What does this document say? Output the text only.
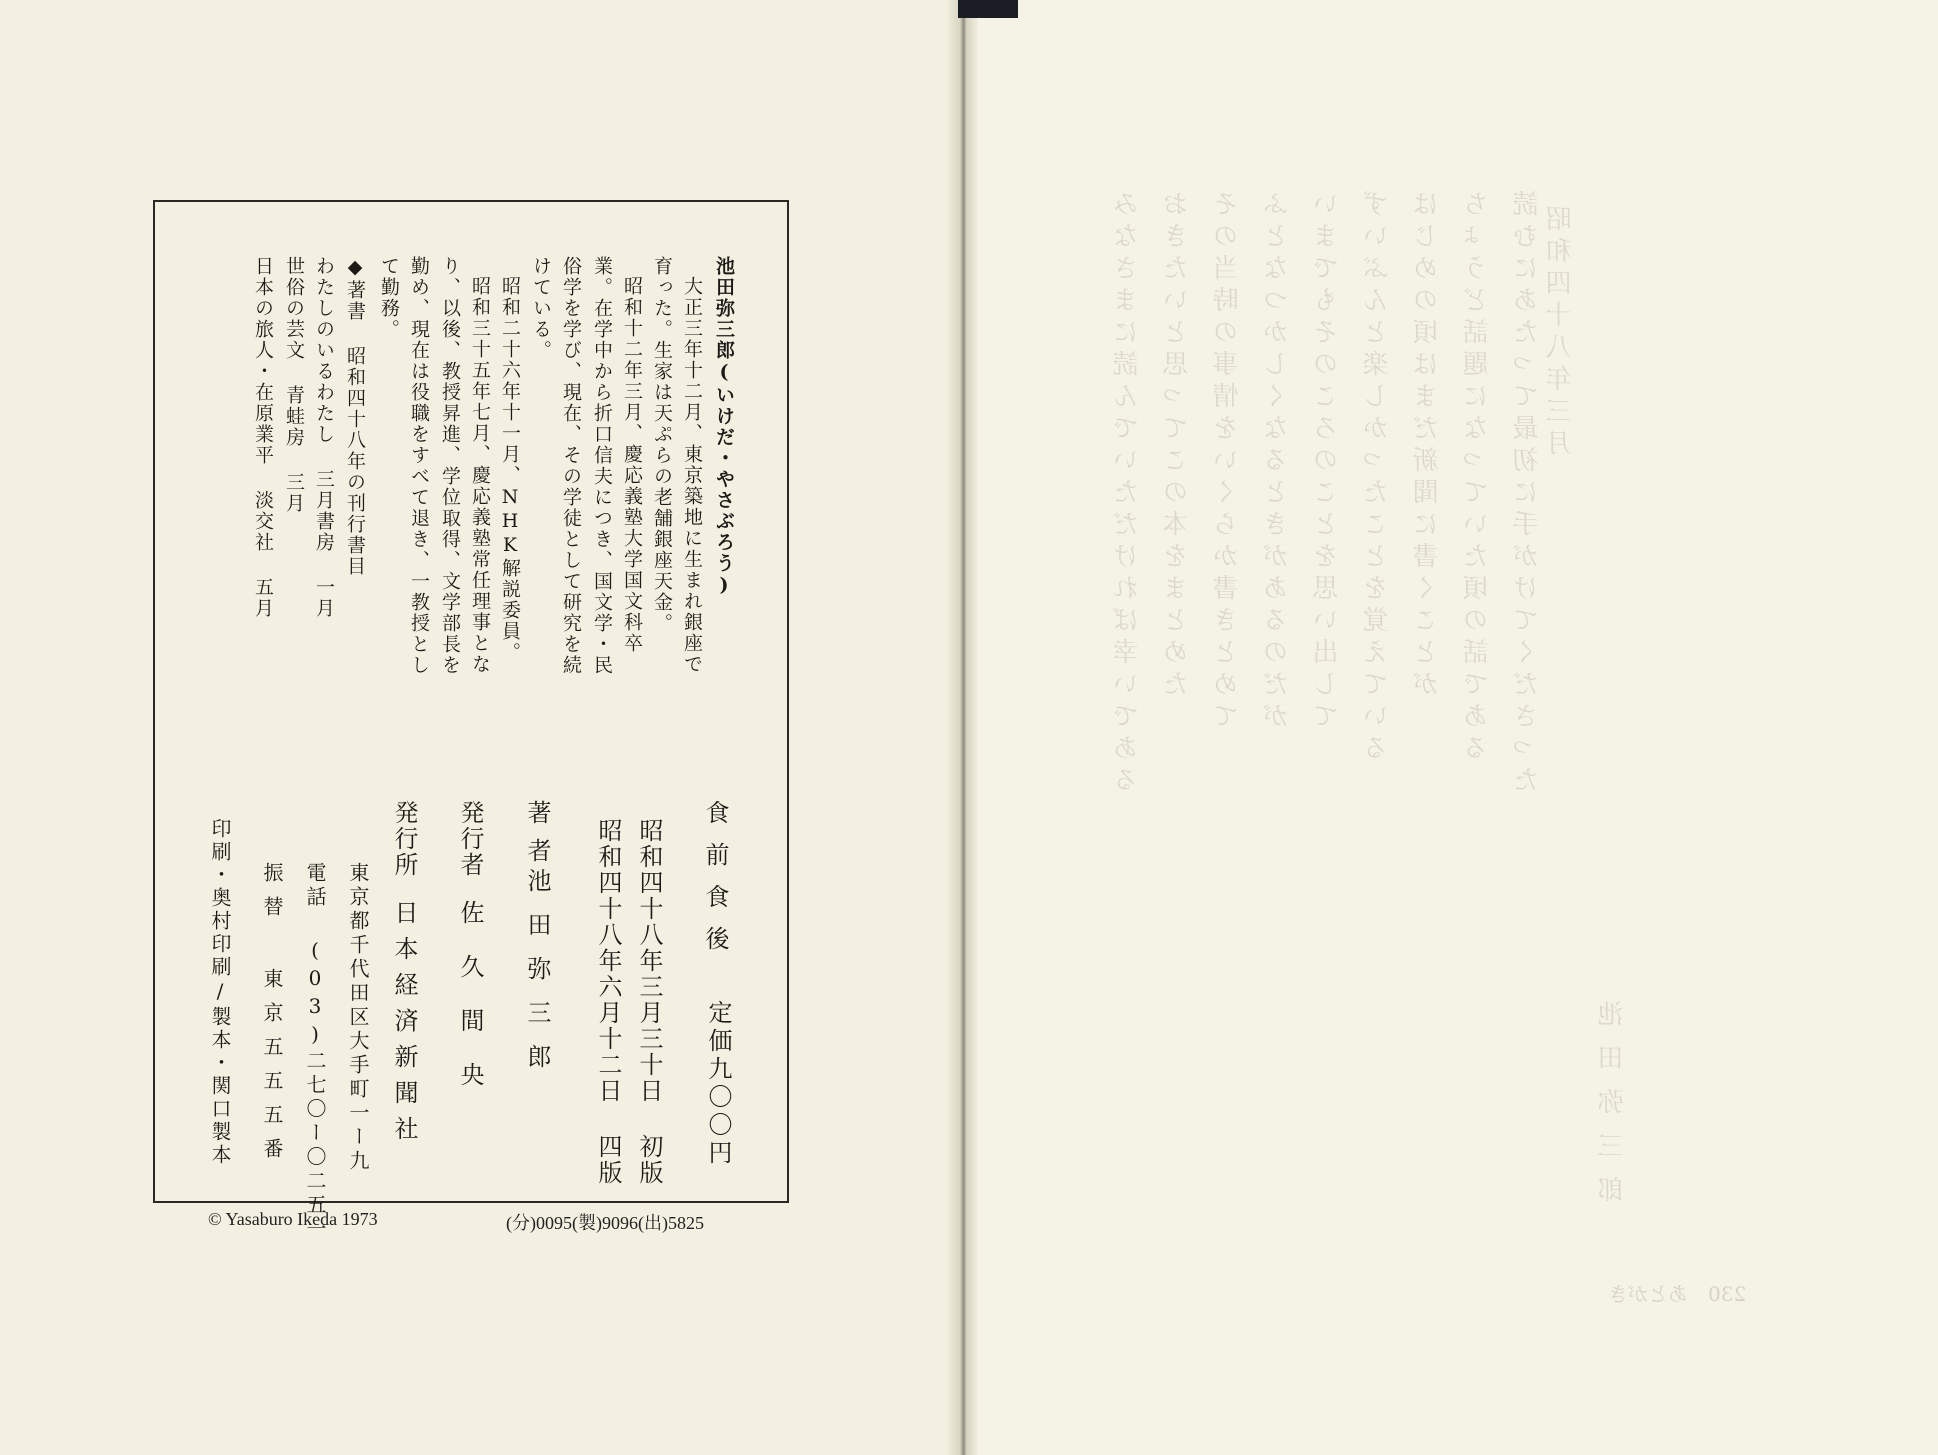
池田弥三郎(いけだ・やさぶろう)
大正三年十二月、東京築地に生まれ銀座で
育った。生家は天ぷらの老舗銀座天金。
昭和十二年三月、慶応義塾大学国文科卒
業。在学中から折口信夫につき、国文学・民
俗学を学び、現在、その学徒として研究を続
けている。
昭和二十六年十一月、NHK解説委員。
昭和三十五年七月、慶応義塾常任理事とな
り、以後、教授昇進、学位取得、文学部長を
勤め、現在は役職をすべて退き、一教授とし
て勤務。
◆著書 昭和四十八年の刊行書目
わたしのいるわたし 三月書房 一月
世俗の芸文 青蛙房 三月
日本の旅人・在原業平 淡交社 五月
食前食後
定価九〇〇円
昭和四十八年三月三十日 初版
昭和四十八年六月十二日 四版
著者
池田弥三郎
発行者
佐久間央
発行所
日本経済新聞社
東京都千代田区大手町一ー九
電話 (03)二七〇ー〇二五一
振替 東京五五五番
印刷・奥村印刷/製本・関口製本
© Yasaburo Ikeda 1973	(分)0095(製)9096(出)5825
昭和四十八年三月
読むにあたって最初に手がけてくださった
ちょうど話題になっていた頃の話である
はじめの頃はまだ新聞に書くことが
ずいぶんと楽しかったことを覚えている
いまでもそのころのことを思い出して
ふとなつかしくなるときがあるのだが
その当時の事情をいくらか書きとめて
おきたいと思ってこの本をまとめた
みなさまに読んでいただければ幸いである
池田弥三郎
230　あとがき
